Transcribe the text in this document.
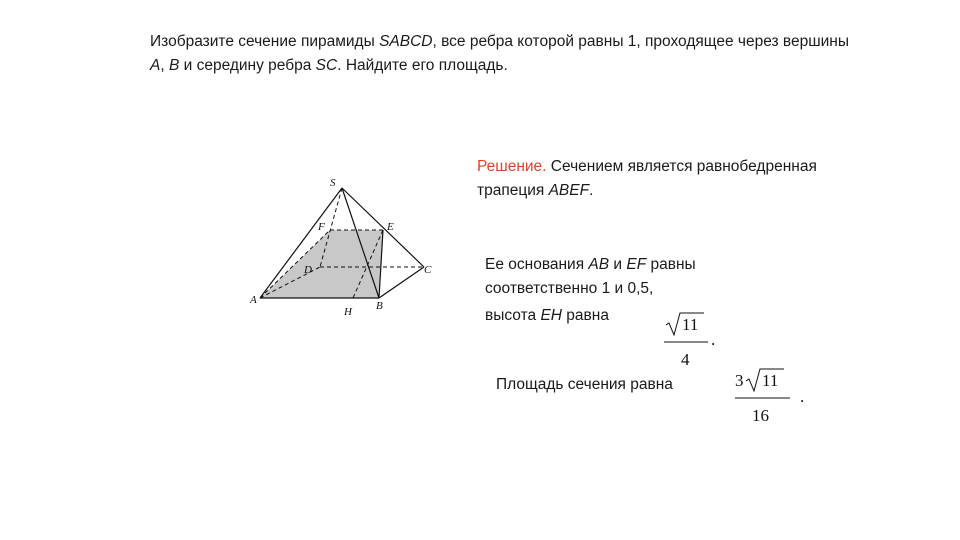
Изобразите сечение пирамиды SABCD, все ребра которой равны 1, проходящее через вершины A, B и середину ребра SC. Найдите его площадь.
S
F	E
D	C
A	B
H
Решение. Сечением является равнобедренная трапеция ABEF.
Ее основания AB и EF равны соответственно 1 и 0,5,
высота EH равна	11
4
.
Площадь сечения равна	3 11
16
.
